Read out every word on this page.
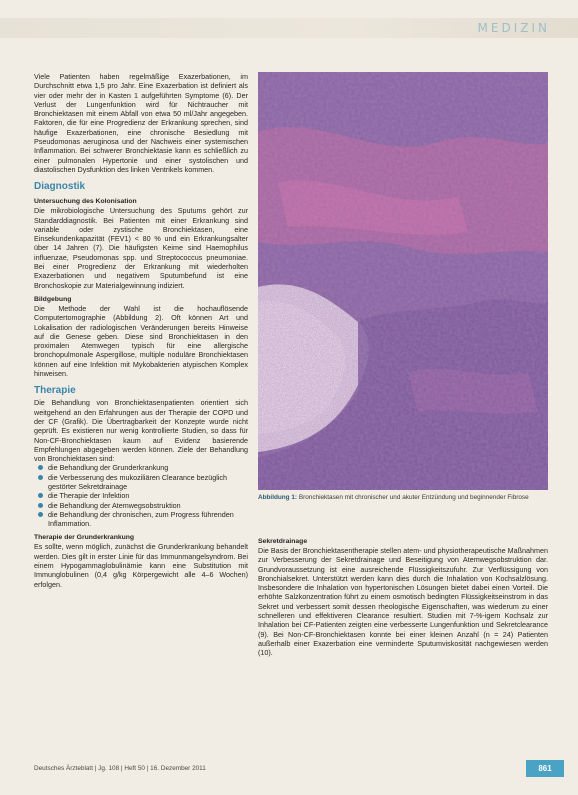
MEDIZIN

Viele Patienten haben regelmäßige Exazerbationen, im Durchschnitt etwa 1,5 pro Jahr. Eine Exazerbation ist definiert als vier oder mehr der in Kasten 1 aufgeführten Symptome (6). Der Verlust der Lungenfunktion wird für Nichtraucher mit Bronchiektasen mit einem Abfall von etwa 50 ml/Jahr angegeben. Faktoren, die für eine Progredienz der Erkrankung sprechen, sind häufige Exazerbationen, eine chronische Besiedlung mit Pseudomonas aeruginosa und der Nachweis einer systemischen Inflammation. Bei schwerer Bronchiektasie kann es schließlich zu einer pulmonalen Hypertonie und einer systolischen und diastolischen Dysfunktion des linken Ventrikels kommen.

Diagnostik
Untersuchung des Kolonisation

Die mikrobiologische Untersuchung des Sputums gehört zur Standarddiagnostik. Bei Patienten mit einer Erkrankung sind variable oder zystische Bronchiektasen, eine Einsekundenkapazität (FEV1) < 80 % und ein Erkrankungsalter über 14 Jahren (7). Die häufigsten Keime sind Haemophilus influenzae, Pseudomonas spp. und Streptococcus pneumoniae. Bei einer Progredienz der Erkrankung mit wiederholten Exazerbationen und negativem Sputumbefund ist eine Bronchoskopie zur Materialgewinnung indiziert.

Bildgebung

Die Methode der Wahl ist die hochauflösende Computertomographie (Abbildung 2). Oft können Art und Lokalisation der radiologischen Veränderungen bereits Hinweise auf die Genese geben. Diese sind Bronchiektasen in den proximalen Atemwegen typisch für eine allergische bronchopulmonale Aspergillose, multiple noduläre Bronchiektasen können auf eine Infektion mit Mykobakterien atypischen Komplex hinweisen.

Therapie

Die Behandlung von Bronchiektasenpatienten orientiert sich weitgehend an den Erfahrungen aus der Therapie der COPD und der CF (Grafik). Die Übertragbarkeit der Konzepte wurde nicht geprüft. Es existieren nur wenig kontrollierte Studien, so dass für Non-CF-Bronchiektasen kaum auf Evidenz basierende Empfehlungen abgegeben werden können. Ziele der Behandlung von Bronchiektasen sind:

die Behandlung der Grunderkrankung
die Verbesserung des mukoziliären Clearance bezüglich gestörter Sekretdrainage
die Therapie der Infektion
die Behandlung der Atemwegsobstruktion
die Behandlung der chronischen, zum Progress führenden Inflammation.
Therapie der Grunderkrankung

Es sollte, wenn möglich, zunächst die Grunderkrankung behandelt werden. Dies gilt in erster Linie für das Immunmangelsyndrom. Bei einem Hypogammaglobulinämie kann eine Substitution mit Immunglobulinen (0,4 g/kg Körpergewicht alle 4–6 Wochen) erfolgen.

Abbildung 1: Bronchiektasen mit chronischer und akuter Entzündung und beginnender Fibrose
Sekretdrainage

Die Basis der Bronchiektasentherapie stellen atem- und physiotherapeutische Maßnahmen zur Verbesserung der Sekretdrainage und Beseitigung von Atemwegsobstruktion dar. Grundvoraussetzung ist eine ausreichende Flüssigkeitszufuhr. Zur Verflüssigung von Bronchialsekret. Unterstützt werden kann dies durch die Inhalation von Kochsalzlösung. Insbesondere die Inhalation von hypertonischen Lösungen bietet dabei einen Vorteil. Die erhöhte Salzkonzentration führt zu einem osmotisch bedingten Flüssigkeitseinstrom in das Sekret und verbessert somit dessen rheologische Eigenschaften, was wiederum zu einer schnelleren und effektiveren Clearance resultiert. Studien mit 7-%-igem Kochsalz zur Inhalation bei CF-Patienten zeigten eine verbesserte Lungenfunktion und Sekretclearance (9). Bei Non-CF-Bronchiektasen konnte bei einer kleinen Anzahl (n = 24) Patienten außerhalb einer Exazerbation eine verminderte Sputumviskosität nachgewiesen werden (10).

Deutsches Ärzteblatt | Jg. 108 | Heft 50 | 16. Dezember 2011	861
